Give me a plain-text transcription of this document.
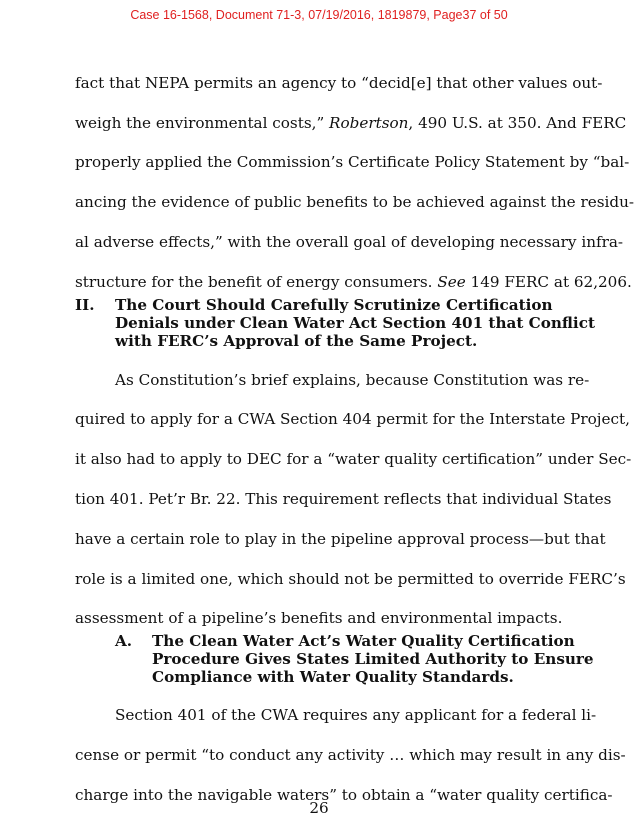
Case 16-1568, Document 71-3, 07/19/2016, 1819879, Page37 of 50
fact that NEPA permits an agency to “decid[e] that other values out-
weigh the environmental costs,” Robertson, 490 U.S. at 350. And FERC
properly applied the Commission’s Certificate Policy Statement by “bal-
ancing the evidence of public benefits to be achieved against the residu-
al adverse effects,” with the overall goal of developing necessary infra-
structure for the benefit of energy consumers. See 149 FERC at 62,206.
II. The Court Should Carefully Scrutinize Certification
Denials under Clean Water Act Section 401 that Conflict
with FERC’s Approval of the Same Project.
As Constitution’s brief explains, because Constitution was re-
quired to apply for a CWA Section 404 permit for the Interstate Project,
it also had to apply to DEC for a “water quality certification” under Sec-
tion 401. Pet’r Br. 22. This requirement reflects that individual States
have a certain role to play in the pipeline approval process—but that
role is a limited one, which should not be permitted to override FERC’s
assessment of a pipeline’s benefits and environmental impacts.
A. The Clean Water Act’s Water Quality Certification
Procedure Gives States Limited Authority to Ensure
Compliance with Water Quality Standards.
Section 401 of the CWA requires any applicant for a federal li-
cense or permit “to conduct any activity … which may result in any dis-
charge into the navigable waters” to obtain a “water quality certifica-
26
